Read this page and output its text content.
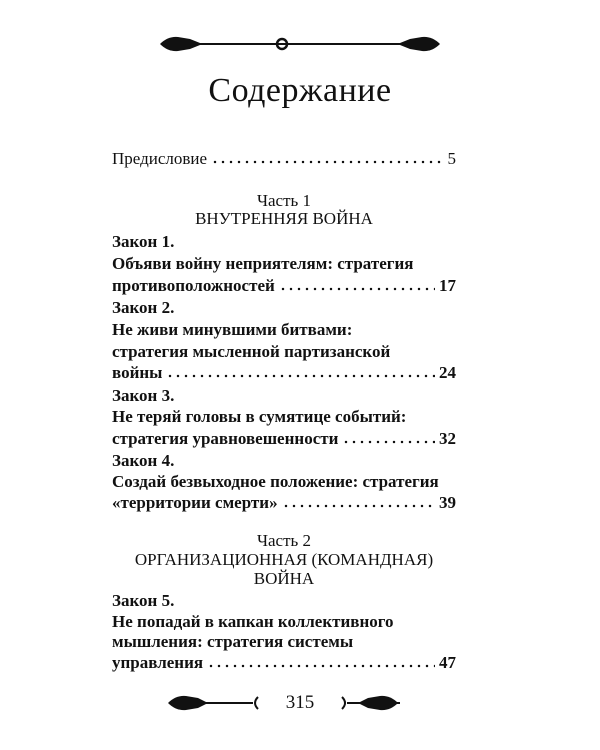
Содержание
Предисловие	5
Часть 1
ВНУТРЕННЯЯ ВОЙНА
Закон 1.
Объяви войну неприятелям: стратегия
противоположностей	17
Закон 2.
Не живи минувшими битвами:
стратегия мысленной партизанской
войны	24
Закон 3.
Не теряй головы в сумятице событий:
стратегия уравновешенности	32
Закон 4.
Создай безвыходное положение: стратегия
«территории смерти»	39
Часть 2
ОРГАНИЗАЦИОННАЯ (КОМАНДНАЯ)
ВОЙНА
Закон 5.
Не попадай в капкан коллективного
мышления: стратегия системы
управления	47
315
